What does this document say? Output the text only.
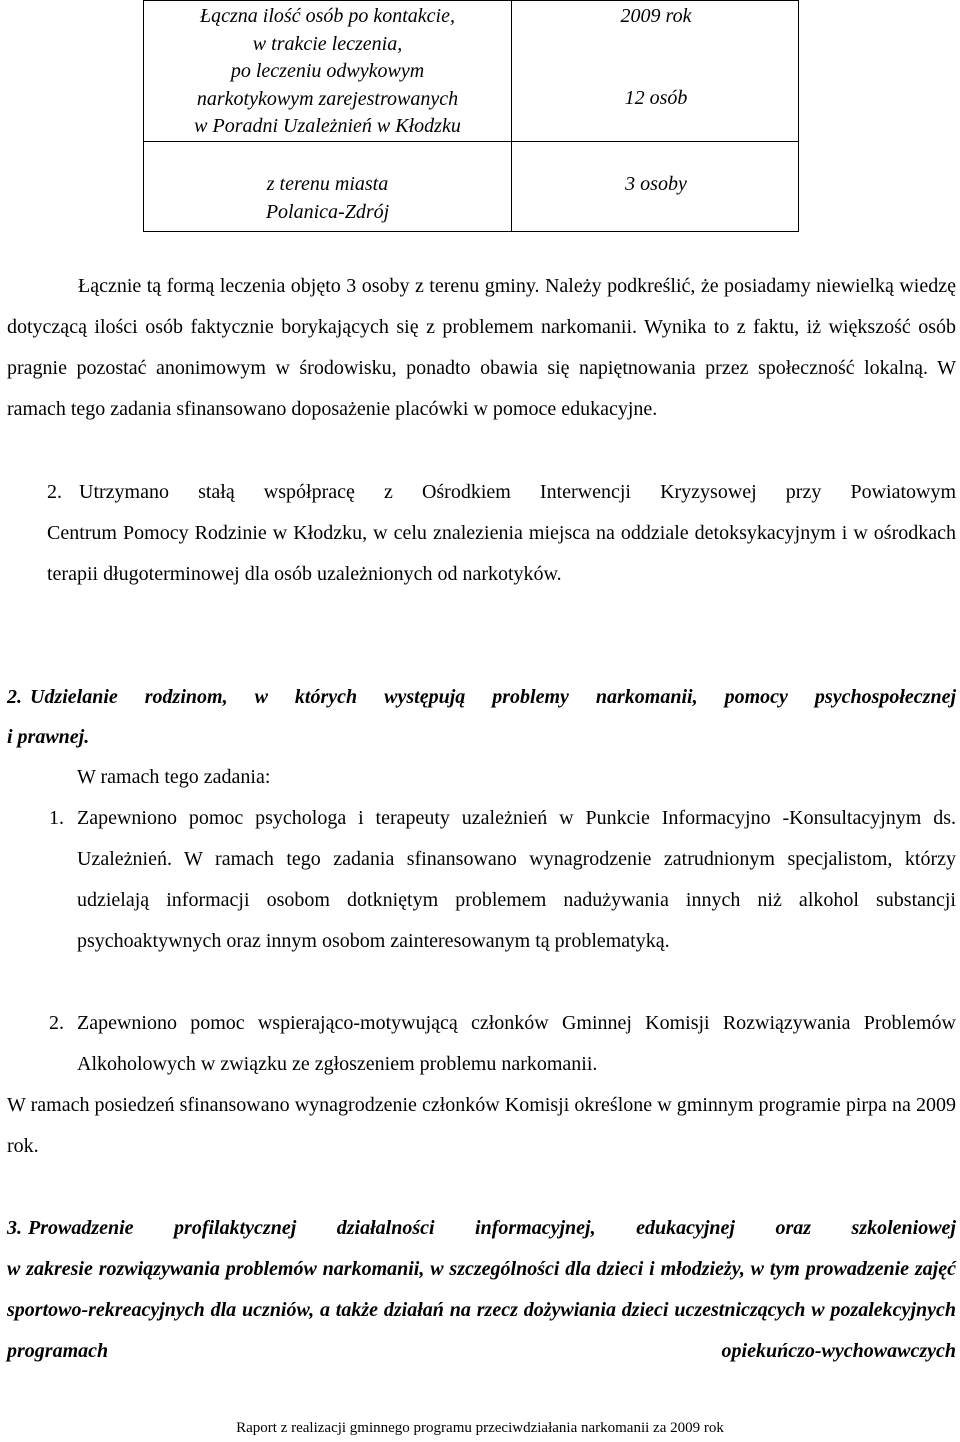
Łączna ilość osób po kontakcie,
w trakcie leczenia,
po leczeniu odwykowym
narkotykowym zarejestrowanych
w Poradni Uzależnień w Kłodzku
z terenu miasta
Polanica-Zdrój
2009 rok
12 osób
3 osoby

Łącznie tą formą leczenia objęto 3 osoby z terenu gminy. Należy podkreślić, że posiadamy niewielką wiedzę dotyczącą ilości osób faktycznie borykających się z problemem narkomanii. Wynika to z faktu, iż większość osób pragnie pozostać anonimowym w środowisku, ponadto obawia się napiętnowania przez społeczność lokalną. W ramach tego zadania sfinansowano doposażenie placówki w pomoce edukacyjne.

2. Utrzymano stałą współpracę z Ośrodkiem Interwencji Kryzysowej przy Powiatowym

Centrum Pomocy Rodzinie w Kłodzku, w celu znalezienia miejsca na oddziale detoksykacyjnym i w ośrodkach terapii długoterminowej dla osób uzależnionych od narkotyków.

2. Udzielanie rodzinom, w których występują problemy narkomanii, pomocy psychospołecznej

i prawnej.

W ramach tego zadania:

1. Zapewniono pomoc psychologa i terapeuty uzależnień w Punkcie Informacyjno -Konsultacyjnym ds. Uzależnień. W ramach tego zadania sfinansowano wynagrodzenie zatrudnionym specjalistom, którzy udzielają informacji osobom dotkniętym problemem nadużywania innych niż alkohol substancji psychoaktywnych oraz innym osobom zainteresowanym tą problematyką.

2. Zapewniono pomoc wspierająco-motywującą członków Gminnej Komisji Rozwiązywania Problemów Alkoholowych w związku ze zgłoszeniem problemu narkomanii.

W ramach posiedzeń sfinansowano wynagrodzenie członków Komisji określone w gminnym programie pirpa na 2009 rok.

3. Prowadzenie profilaktycznej działalności informacyjnej, edukacyjnej oraz szkoleniowej

w zakresie rozwiązywania problemów narkomanii, w szczególności dla dzieci i młodzieży, w tym prowadzenie zajęć sportowo-rekreacyjnych dla uczniów, a także działań na rzecz dożywiania dzieci uczestniczących w pozalekcyjnych programach opiekuńczo-wychowawczych

Raport z realizacji gminnego programu przeciwdziałania narkomanii za 2009 rok
